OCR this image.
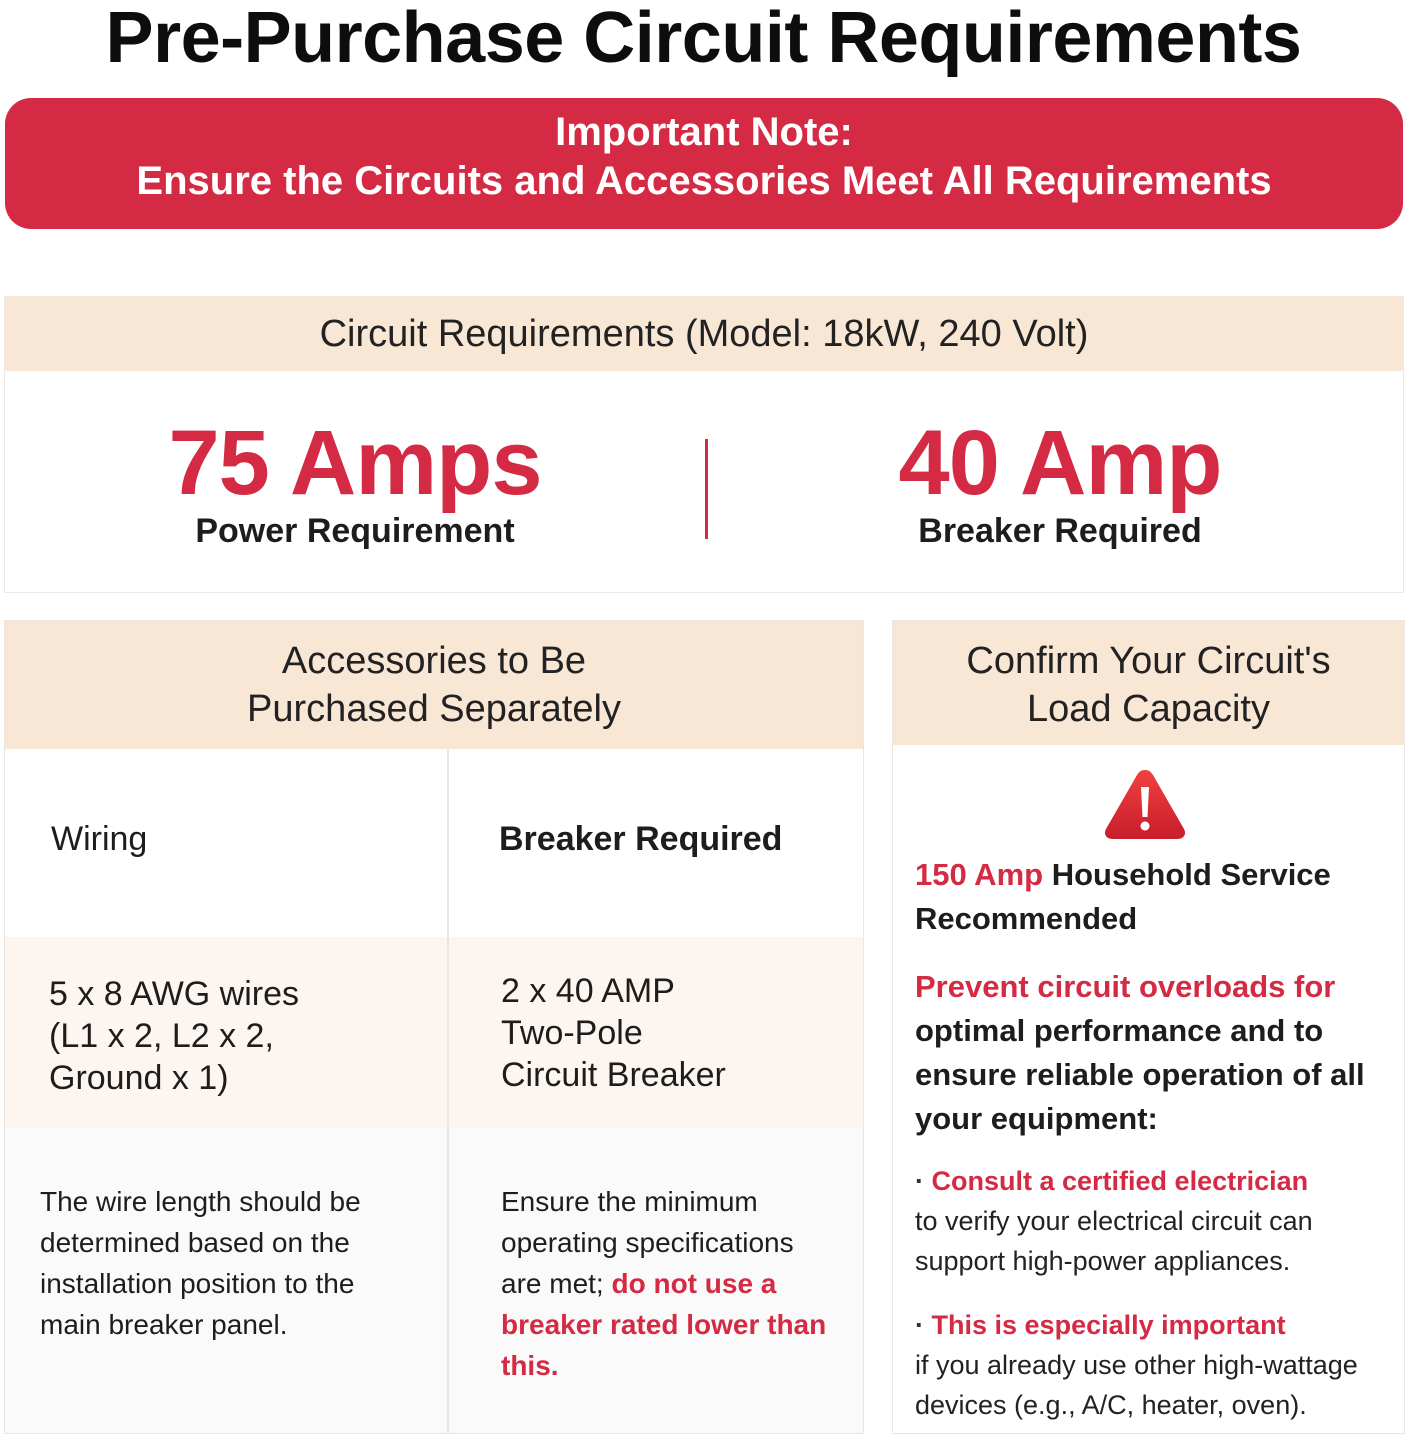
Pre-Purchase Circuit Requirements
Important Note:
Ensure the Circuits and Accessories Meet All Requirements
Circuit Requirements (Model: 18kW, 240 Volt)
75 Amps
Power Requirement
40 Amp
Breaker Required
Accessories to Be
Purchased Separately
Wiring	Breaker Required
5 x 8 AWG wires
(L1 x 2, L2 x 2,
Ground x 1)
2 x 40 AMP
Two-Pole
Circuit Breaker
The wire length should be determined based on the installation position to the main breaker panel.
Ensure the minimum operating specifications are met; do not use a breaker rated lower than this.
Confirm Your Circuit's
Load Capacity
150 Amp Household Service Recommended
Prevent circuit overloads for
optimal performance and to ensure reliable operation of all your equipment:
· Consult a certified electrician
to verify your electrical circuit can support high-power appliances.
· This is especially important
if you already use other high-wattage devices (e.g., A/C, heater, oven).
